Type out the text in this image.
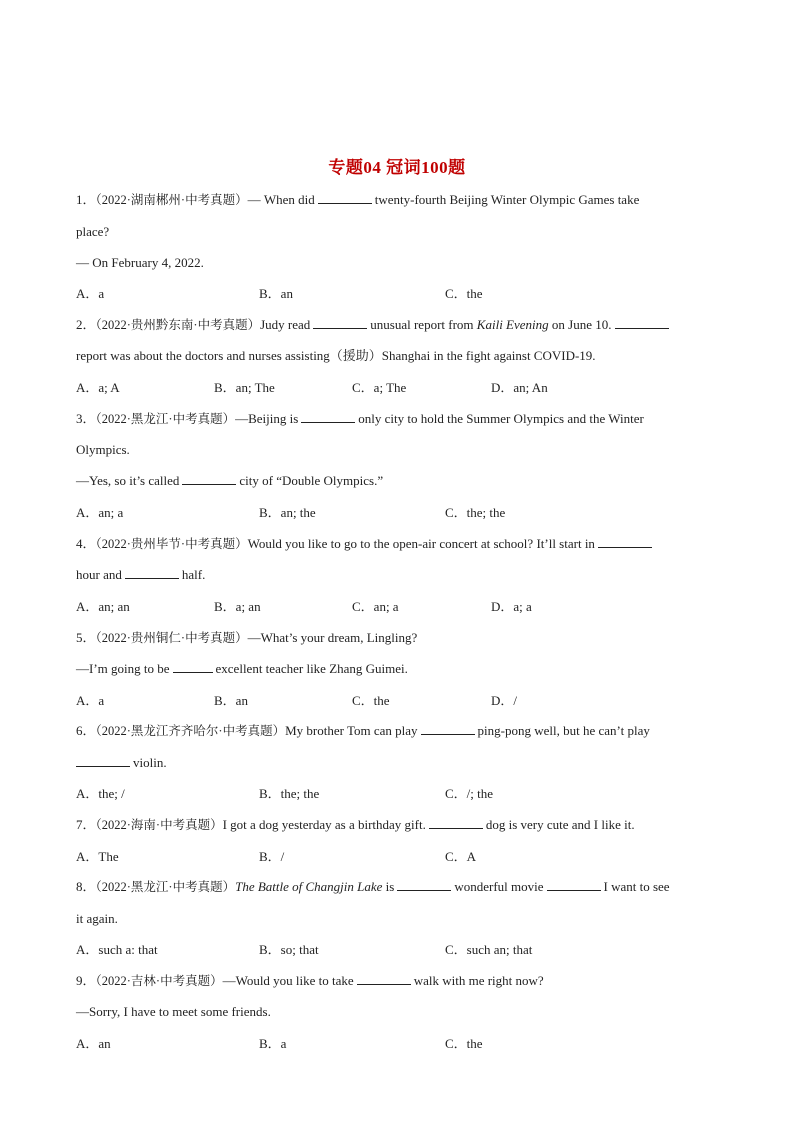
专题04 冠词100题
1．（2022·湖南郴州·中考真题）— When did	twenty-fourth Beijing Winter Olympic Games take
place?
— On February 4, 2022.
A．a	B．an	C．the
2．（2022·贵州黔东南·中考真题）Judy read	unusual report from Kaili Evening on June 10.
report was about the doctors and nurses assisting（援助）Shanghai in the fight against COVID-19.
A．a; A	B．an; The	C．a; The	D．an; An
3．（2022·黑龙江·中考真题）—Beijing is	only city to hold the Summer Olympics and the Winter
Olympics.
—Yes, so it’s called	city of “Double Olympics.”
A．an; a	B．an; the	C．the; the
4．（2022·贵州毕节·中考真题）Would you like to go to the open-air concert at school? It’ll start in
hour and	half.
A．an; an	B．a; an	C．an; a	D．a; a
5．（2022·贵州铜仁·中考真题）—What’s your dream, Lingling?
—I’m going to be	excellent teacher like Zhang Guimei.
A．a	B．an	C．the	D．/
6．（2022·黑龙江齐齐哈尔·中考真题）My brother Tom can play	ping-pong well, but he can’t play
violin.
A．the; /	B．the; the	C．/; the
7．（2022·海南·中考真题）I got a dog yesterday as a birthday gift.	dog is very cute and I like it.
A．The	B．/	C．A
8．（2022·黑龙江·中考真题）The Battle of Changjin Lake is	wonderful movie	I want to see
it again.
A．such a: that	B．so; that	C．such an; that
9．（2022·吉林·中考真题）—Would you like to take	walk with me right now?
—Sorry, I have to meet some friends.
A．an	B．a	C．the
